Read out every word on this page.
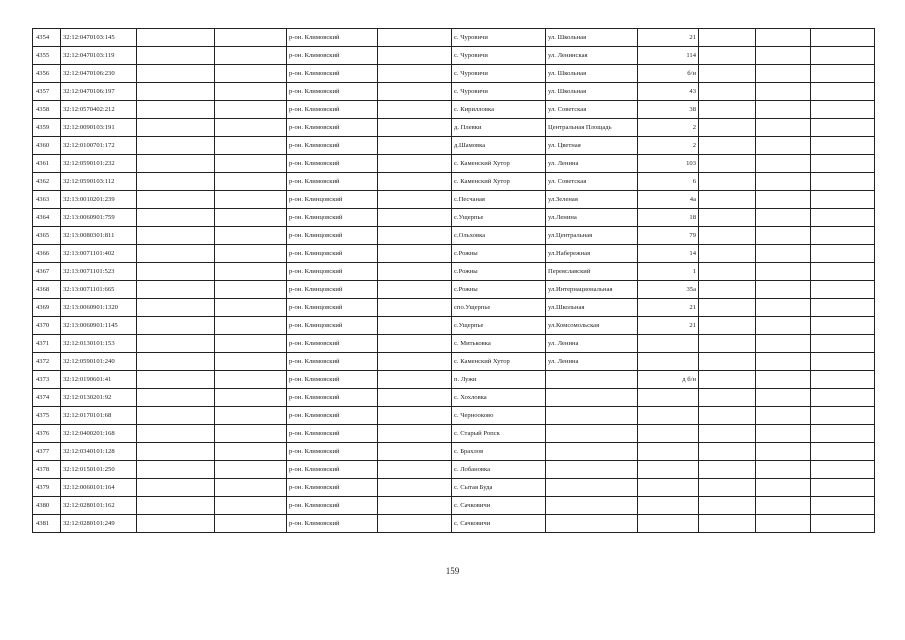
4354	32:12:0470103:145			р-он. Климовский		с. Чуровичи	ул. Школьная	21			
4355	32:12:0470103:119			р-он. Климовский		с. Чуровичи	ул. Ленинская	114			
4356	32:12:0470106:230			р-он. Климовский		с. Чуровичи	ул. Школьная	б/н			
4357	32:12:0470106:197			р-он. Климовский		с. Чуровичи	ул. Школьная	43			
4358	32:12:0570402:212			р-он. Климовский		с. Кирилловка	ул. Советская	38			
4359	32:12:0090103:191			р-он. Климовский		д. Плевки	Центральная Площадь	2			
4360	32:12:0100701:172			р-он. Климовский		д.Шамовка	ул. Цветная	2			
4361	32:12:0590101:232			р-он. Климовский		с. Каменский Хутор	ул. Ленина	103			
4362	32:12:0590103:112			р-он. Климовский		с. Каменский Хутор	ул. Советская	6			
4363	32:13:0010201:239			р-он. Клинцовский		с.Песчаная	ул.Зеленая	4а			
4364	32:13:0060901:759			р-он. Клинцовский		с.Ущерпье	ул.Ленина	18			
4365	32:13:0080301:811			р-он. Клинцовский		с.Ольховка	ул.Центральная	79			
4366	32:13:0071101:402			р-он. Клинцовский		с.Рожны	ул.Набережная	14			
4367	32:13:0071101:523			р-он. Клинцовский		с.Рожны	Переяславский	1			
4368	32:13:0071101:665			р-он. Клинцовский		с.Рожны	ул.Интернациональная	35а			
4369	32:13:0060901:1320			р-он. Клинцовский		спо.Ущерпье	ул.Школьная	21			
4370	32:13:0060901:1145			р-он. Клинцовский		с.Ущерпье	ул.Комсомольская	21			
4371	32:12:0130101:153			р-он. Климовский		с. Митьковка	ул. Ленина				
4372	32:12:0590101:240			р-он. Климовский		с. Каменский Хутор	ул. Ленина				
4373	32:12:0190601:41			р-он. Климовский		п. Лужи		д б/н			
4374	32:12:0130201:92			р-он. Климовский		с. Хохловка					
4375	32:12:0170101:68			р-он. Климовский		с. Чернооково					
4376	32:12:0400201:168			р-он. Климовский		с. Старый Ропск					
4377	32:12:0340101:128			р-он. Климовский		с. Брахлов					
4378	32:12:0150101:250			р-он. Климовский		с. Лобановка					
4379	32:12:0060101:164			р-он. Климовский		с. Сытая Буда					
4380	32:12:0280101:162			р-он. Климовский		с. Сачковичи					
4381	32:12:0280101:249			р-он. Климовский		с. Сачковичи					
159
